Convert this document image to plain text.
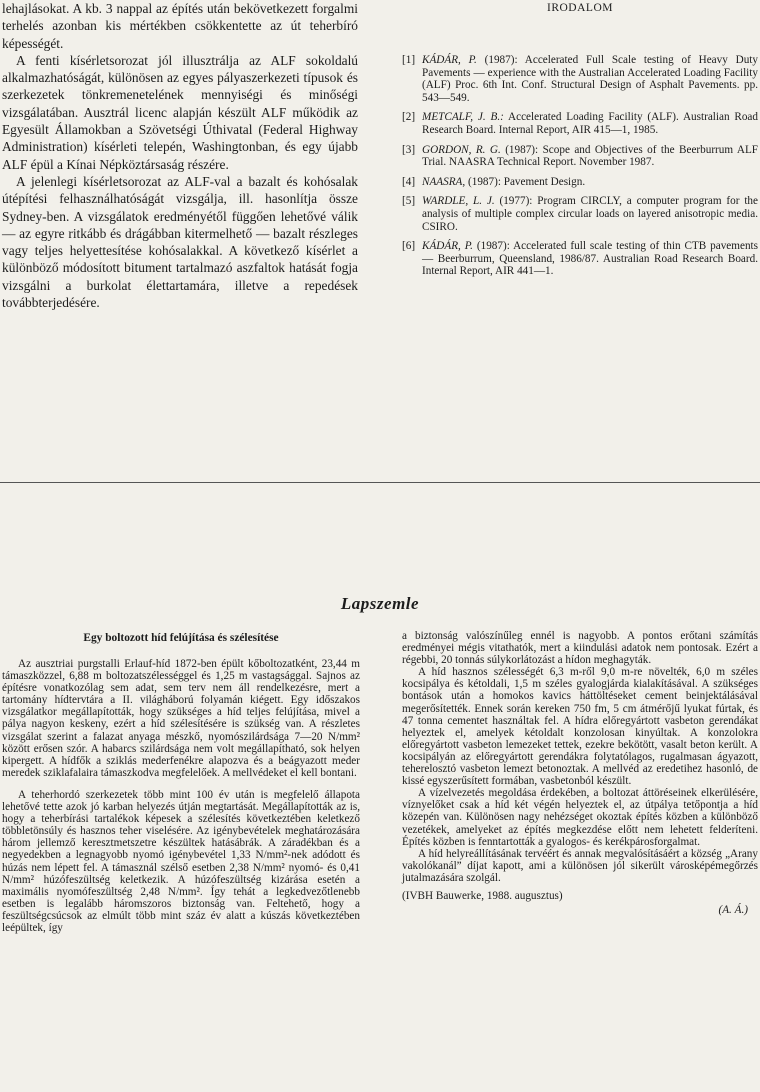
lehajlásokat. A kb. 3 nappal az építés után bekövetkezett forgalmi terhelés azonban kis mértékben csökkentette az út teherbíró képességét.

A fenti kísérletsorozat jól illusztrálja az ALF sokoldalú alkalmazhatóságát, különösen az egyes pályaszerkezeti típusok és szerkezetek tönkremenetelének mennyiségi és minőségi vizsgálatában. Ausztrál licenc alapján készült ALF működik az Egyesült Államokban a Szövetségi Úthivatal (Federal Highway Administration) kísérleti telepén, Washingtonban, és egy újabb ALF épül a Kínai Népköztársaság részére.

A jelenlegi kísérletsorozat az ALF-val a bazalt és kohósalak útépítési felhasználhatóságát vizsgálja, ill. hasonlítja össze Sydney-ben. A vizsgálatok eredményétől függően lehetővé válik — az egyre ritkább és drágábban kitermelhető — bazalt részleges vagy teljes helyettesítése kohósalakkal. A következő kísérlet a különböző módosított bitument tartalmazó aszfaltok hatását fogja vizsgálni a burkolat élettartamára, illetve a repedések továbbterjedésére.

IRODALOM
[1] KÁDÁR, P. (1987): Accelerated Full Scale testing of Heavy Duty Pavements — experience with the Australian Accelerated Loading Facility (ALF) Proc. 6th Int. Conf. Structural Design of Asphalt Pavements. pp. 543—549.
[2] METCALF, J. B.: Accelerated Loading Facility (ALF). Australian Road Research Board. Internal Report, AIR 415—1, 1985.
[3] GORDON, R. G. (1987): Scope and Objectives of the Beerburrum ALF Trial. NAASRA Technical Report. November 1987.
[4] NAASRA, (1987): Pavement Design.
[5] WARDLE, L. J. (1977): Program CIRCLY, a computer program for the analysis of multiple complex circular loads on layered anisotropic media. CSIRO.
[6] KÁDÁR, P. (1987): Accelerated full scale testing of thin CTB pavements — Beerburrum, Queensland, 1986/87. Australian Road Research Board. Internal Report, AIR 441—1.
Lapszemle
Egy boltozott híd felújítása és szélesítése

Az ausztriai purgstalli Erlauf-híd 1872-ben épült kőboltozatként, 23,44 m támaszközzel, 6,88 m boltozatszélességgel és 1,25 m vastagsággal. Sajnos az építésre vonatkozólag sem adat, sem terv nem áll rendelkezésre, mert a tartomány hídtervtára a II. világháború folyamán kiégett. Egy időszakos vizsgálatkor megállapították, hogy szükséges a híd teljes felújítása, mivel a pálya nagyon keskeny, ezért a híd szélesítésére is szükség van. A részletes vizsgálat szerint a falazat anyaga mészkő, nyomószilárdsága 7—20 N/mm² között erősen szór. A habarcs szilárdsága nem volt megállapítható, sok helyen kipergett. A hídfők a sziklás mederfenékre alapozva és a beágyazott meder meredek sziklafalaira támaszkodva megfelelőek. A mellvédeket el kell bontani.

A teherhordó szerkezetek több mint 100 év után is megfelelő állapota lehetővé tette azok jó karban helyezés útján megtartását. Megállapították az is, hogy a teherbírási tartalékok képesek a szélesítés következtében keletkező többletönsúly és hasznos teher viselésére. Az igénybevételek meghatározására három jellemző keresztmetszetre készültek hatásábrák. A záradékban és a negyedekben a legnagyobb nyomó igénybevétel 1,33 N/mm²-nek adódott és húzás nem lépett fel. A támasznál szélső esetben 2,38 N/mm² nyomó- és 0,41 N/mm² húzófeszültség keletkezik. A húzófeszültség kizárása esetén a maximális nyomófeszültség 2,48 N/mm². Így tehát a legkedvezőtlenebb esetben is legalább háromszoros biztonság van. Feltehető, hogy a feszültségcsúcsok az elmúlt több mint száz év alatt a kúszás következtében leépültek, így

a biztonság valószínűleg ennél is nagyobb. A pontos erőtani számítás eredményei mégis vitathatók, mert a kiindulási adatok nem pontosak. Ezért a régebbi, 20 tonnás súlykorlátozást a hídon meghagyták.

A híd hasznos szélességét 6,3 m-ről 9,0 m-re növelték, 6,0 m széles kocsipálya és kétoldali, 1,5 m széles gyalogjárda kialakításával. A szükséges bontások után a homokos kavics háttöltéseket cement beinjektálásával megerősítették. Ennek során kereken 750 fm, 5 cm átmérőjű lyukat fúrtak, és 47 tonna cementet használtak fel. A hídra előregyártott vasbeton gerendákat helyeztek el, amelyek kétoldalt konzolosan kinyúltak. A konzolokra előregyártott vasbeton lemezeket tettek, ezekre bekötött, vasalt beton került. A kocsipályán az előregyártott gerendákra folytatólagos, rugalmasan ágyazott, teherelosztó vasbeton lemezt betonoztak. A mellvéd az eredetihez hasonló, de kissé egyszerűsített formában, vasbetonból készült.

A vízelvezetés megoldása érdekében, a boltozat áttöréseinek elkerülésére, víznyelőket csak a híd két végén helyeztek el, az útpálya tetőpontja a híd közepén van. Különösen nagy nehézséget okoztak építés közben a különböző vezetékek, amelyeket az építés megkezdése előtt nem lehetett felderíteni. Építés közben is fenntartották a gyalogos- és kerékpárosforgalmat.

A híd helyreállításának tervéért és annak megvalósításáért a község „Arany vakolókanál” díjat kapott, ami a különösen jól sikerült városképémegőrzés jutalmazására szolgál.

(IVBH Bauwerke, 1988. augusztus)
(A. Á.)
